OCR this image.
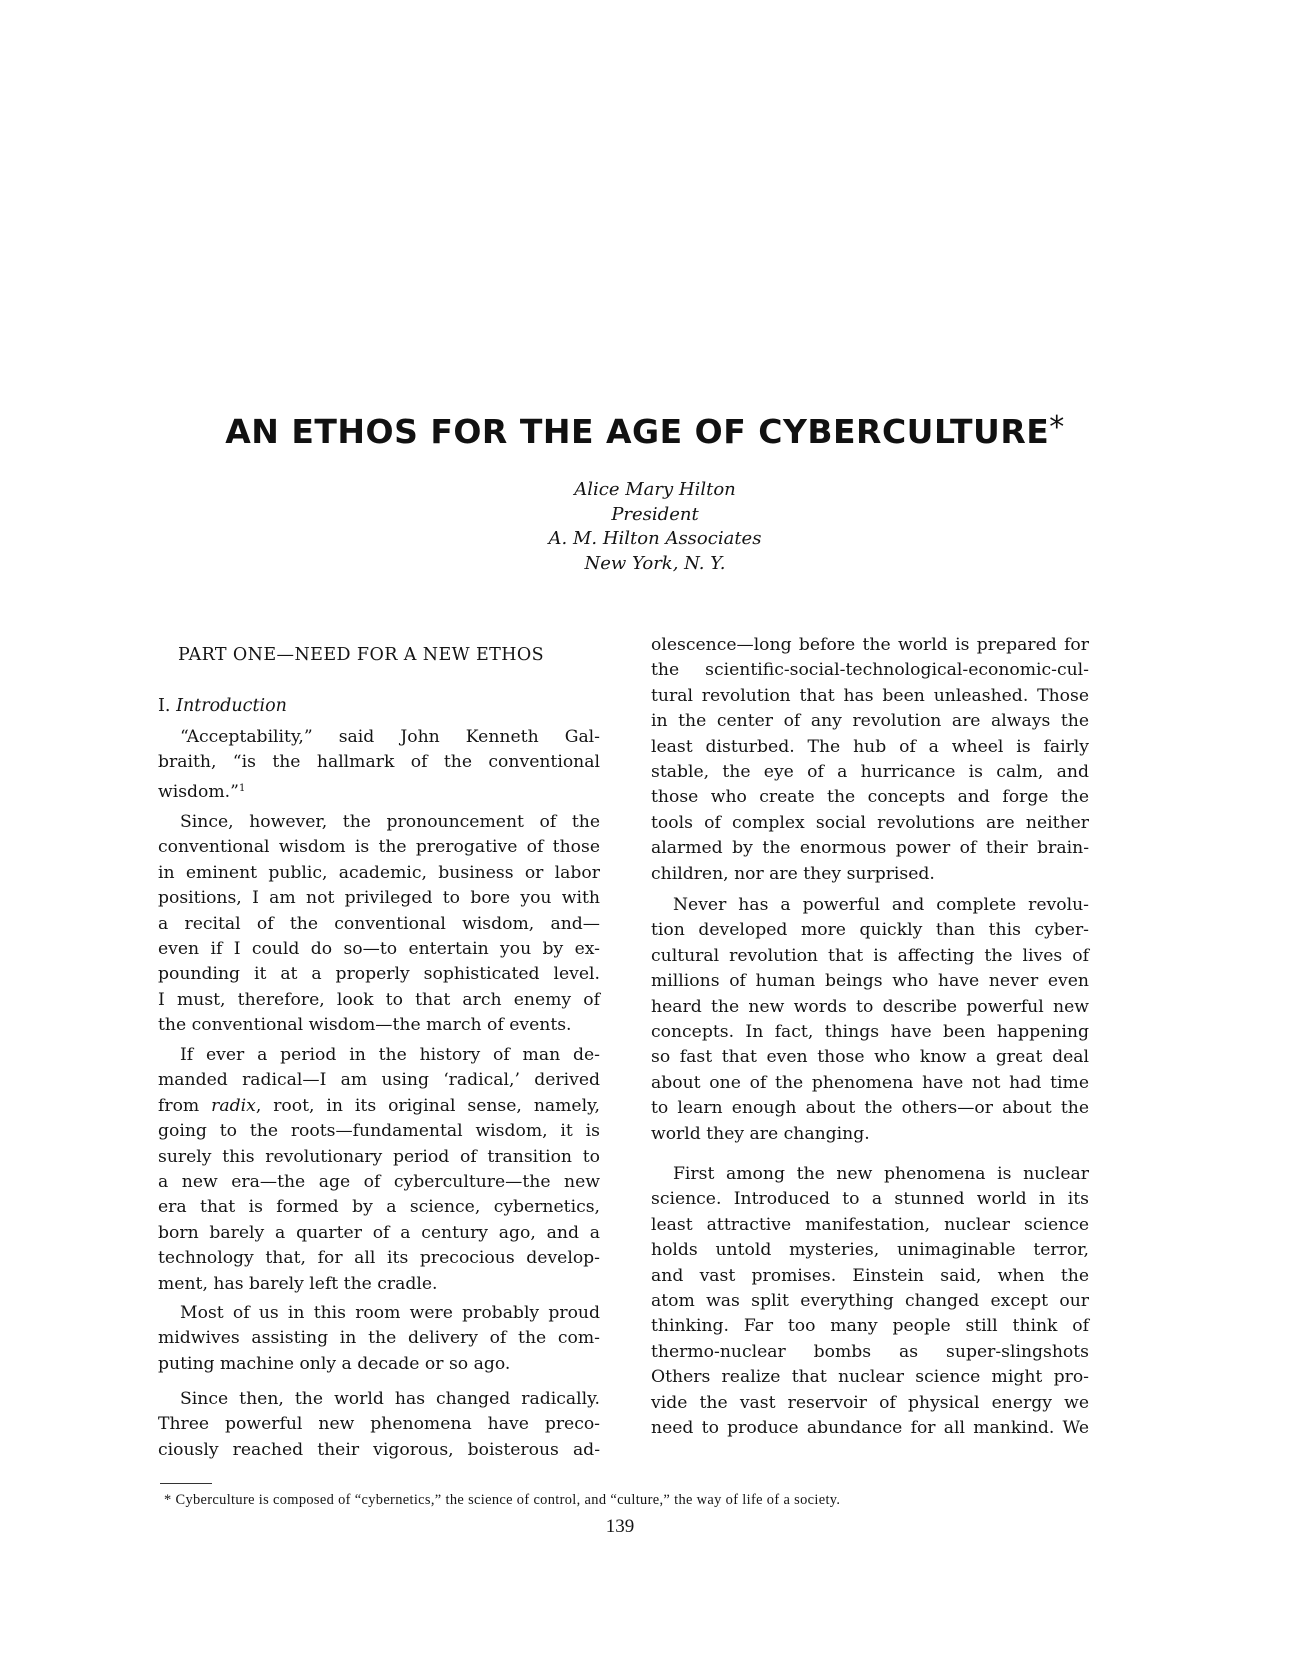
AN ETHOS FOR THE AGE OF CYBERCULTURE*
Alice Mary Hilton
President
A. M. Hilton Associates
New York, N. Y.
PART ONE—NEED FOR A NEW ETHOS
I. Introduction
“Acceptability,” said John Kenneth Gal-
braith, “is the hallmark of the conventional
wisdom.”$^1$
Since, however, the pronouncement of the
conventional wisdom is the prerogative of those
in eminent public, academic, business or labor
positions, I am not privileged to bore you with
a recital of the conventional wisdom, and—
even if I could do so—to entertain you by ex-
pounding it at a properly sophisticated level.
I must, therefore, look to that arch enemy of
the conventional wisdom—the march of events.
If ever a period in the history of man de-
manded radical—I am using ‘radical,’ derived
from radix, root, in its original sense, namely,
going to the roots—fundamental wisdom, it is
surely this revolutionary period of transition to
a new era—the age of cyberculture—the new
era that is formed by a science, cybernetics,
born barely a quarter of a century ago, and a
technology that, for all its precocious develop-
ment, has barely left the cradle.
Most of us in this room were probably proud
midwives assisting in the delivery of the com-
puting machine only a decade or so ago.
Since then, the world has changed radically.
Three powerful new phenomena have preco-
ciously reached their vigorous, boisterous ad-
olescence—long before the world is prepared for
the scientific-social-technological-economic-cul-
tural revolution that has been unleashed. Those
in the center of any revolution are always the
least disturbed. The hub of a wheel is fairly
stable, the eye of a hurricance is calm, and
those who create the concepts and forge the
tools of complex social revolutions are neither
alarmed by the enormous power of their brain-
children, nor are they surprised.
Never has a powerful and complete revolu-
tion developed more quickly than this cyber-
cultural revolution that is affecting the lives of
millions of human beings who have never even
heard the new words to describe powerful new
concepts. In fact, things have been happening
so fast that even those who know a great deal
about one of the phenomena have not had time
to learn enough about the others—or about the
world they are changing.
First among the new phenomena is nuclear
science. Introduced to a stunned world in its
least attractive manifestation, nuclear science
holds untold mysteries, unimaginable terror,
and vast promises. Einstein said, when the
atom was split everything changed except our
thinking. Far too many people still think of
thermo-nuclear bombs as super-slingshots
Others realize that nuclear science might pro-
vide the vast reservoir of physical energy we
need to produce abundance for all mankind. We
* Cyberculture is composed of “cybernetics,” the science of control, and “culture,” the way of life of a society.
139
